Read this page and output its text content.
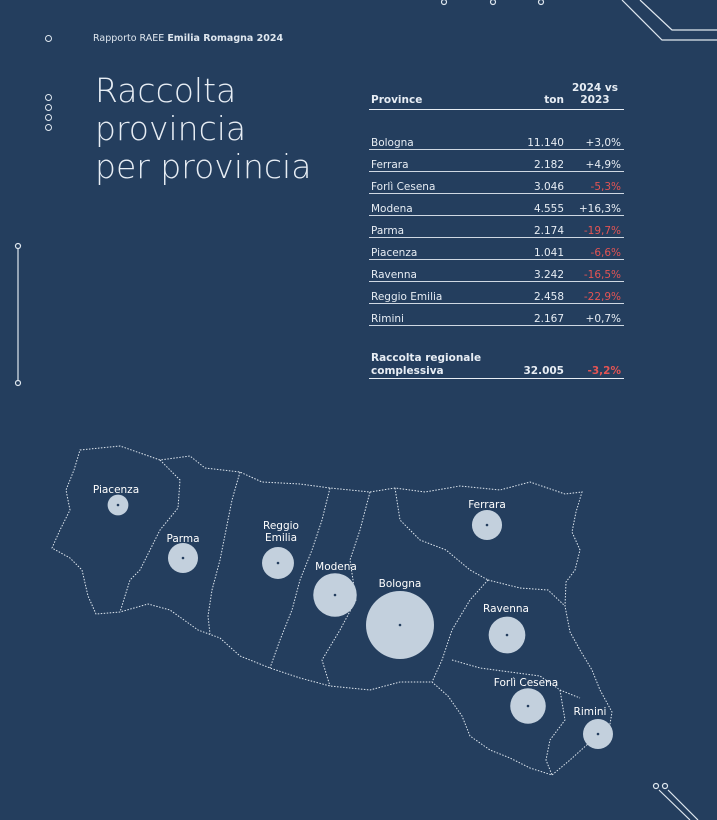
Rapporto RAEE Emilia Romagna 2024
Raccolta
provincia
per provincia
Province	ton	2024 vs 2023

Bologna	11.140	+3,0%
Ferrara	2.182	+4,9%
Forlì Cesena	3.046	-5,3%
Modena	4.555	+16,3%
Parma	2.174	-19,7%
Piacenza	1.041	-6,6%
Ravenna	3.242	-16,5%
Reggio Emilia	2.458	-22,9%
Rimini	2.167	+0,7%

Raccolta regionale complessiva	32.005	-3,2%
Piacenza
Parma
Reggio Emilia
Modena
Bologna
Ferrara
Ravenna
Forlì Cesena
Rimini
